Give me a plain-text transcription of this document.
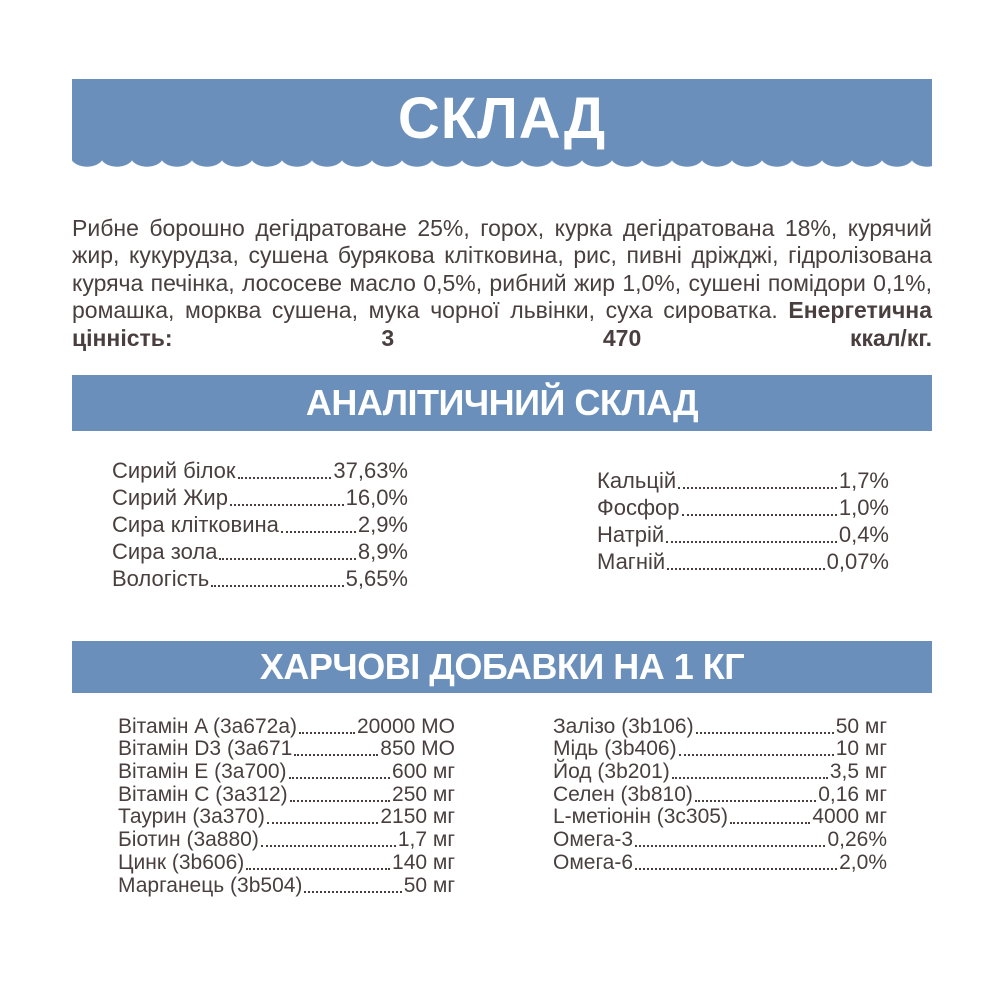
СКЛАД

Рибне борошно дегідратоване 25%, горох, курка дегідратована 18%, курячий жир, кукурудза, сушена бурякова клітковина, рис, пивні дріжджі, гідролізована куряча печінка, лососеве масло 0,5%, рибний жир 1,0%, сушені помідори 0,1%, ромашка, морква сушена, мука чорної львінки, суха сироватка. Енергетична цінність: 3 470 ккал/кг.

АНАЛІТИЧНИЙ СКЛАД
Сирий білок	37,63%
Сирий Жир	16,0%
Сира клітковина	2,9%
Сира зола	8,9%
Вологість	5,65%
Кальцій	1,7%
Фосфор	1,0%
Натрій	0,4%
Магній	0,07%
ХАРЧОВІ ДОБАВКИ НА 1 КГ
Вітамін A (3a672a)	20000 МО
Вітамін D3 (3a671	850 МО
Вітамін E (3a700)	600 мг
Вітамін C (3a312)	250 мг
Таурин (3a370)	2150 мг
Біотин (3a880)	1,7 мг
Цинк (3b606)	140 мг
Марганець (3b504)	50 мг
Залізо (3b106)	50 мг
Мідь (3b406)	10 мг
Йод (3b201)	3,5 мг
Селен (3b810)	0,16 мг
L-метіонін (3c305)	4000 мг
Омега-3	0,26%
Омега-6	2,0%
